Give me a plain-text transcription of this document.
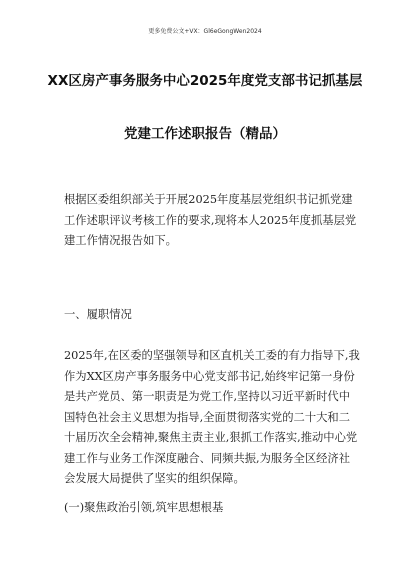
更多免费公文+VX：Gl6eGongWen2024
XX区房产事务服务中心2025年度党支部书记抓基层
党建工作述职报告（精品）
根据区委组织部关于开展2025年度基层党组织书记抓党建
工作述职评议考核工作的要求,现将本人2025年度抓基层党
建工作情况报告如下。
一、履职情况
2025年,在区委的坚强领导和区直机关工委的有力指导下,我
作为XX区房产事务服务中心党支部书记,始终牢记第一身份
是共产党员、第一职责是为党工作,坚持以习近平新时代中
国特色社会主义思想为指导,全面贯彻落实党的二十大和二
十届历次全会精神,聚焦主责主业,狠抓工作落实,推动中心党
建工作与业务工作深度融合、同频共振,为服务全区经济社
会发展大局提供了坚实的组织保障。
(一)聚焦政治引领,筑牢思想根基
